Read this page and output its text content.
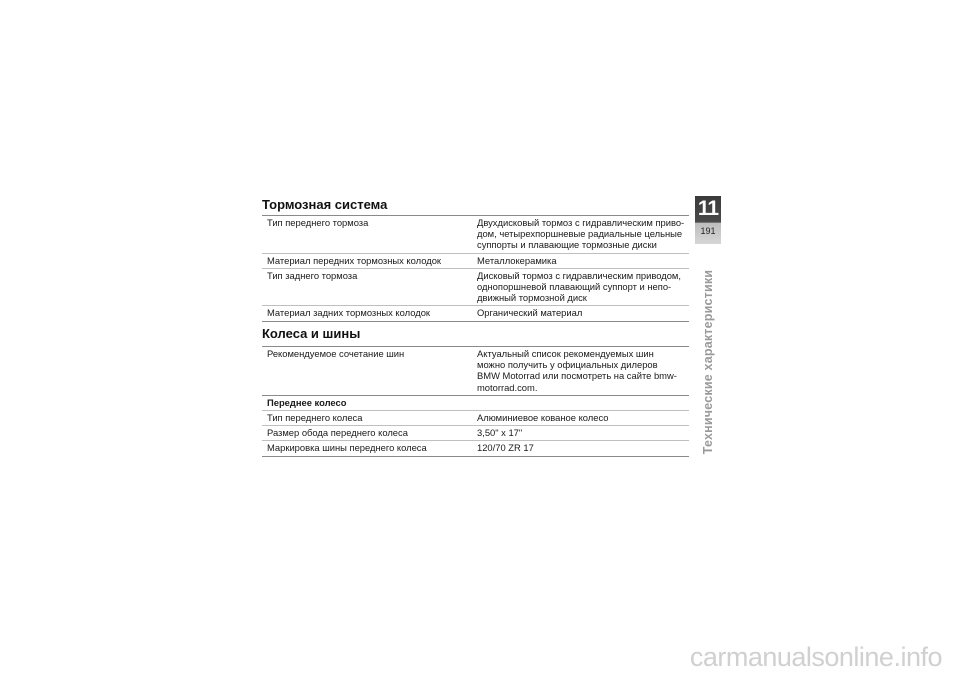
Тормозная система
Тип переднего тормоза	Двухдисковый тормоз с гидравлическим приво-
дом, четырехпоршневые радиальные цельные
суппорты и плавающие тормозные диски
Материал передних тормозных колодок	Металлокерамика
Тип заднего тормоза	Дисковый тормоз с гидравлическим приводом,
однопоршневой плавающий суппорт и непо-
движный тормозной диск
Материал задних тормозных колодок	Органический материал
Колеса и шины
Рекомендуемое сочетание шин	Актуальный список рекомендуемых шин
можно получить у официальных дилеров
BMW Motorrad или посмотреть на сайте bmw-
motorrad.com.
Переднее колесо
Тип переднего колеса	Алюминиевое кованое колесо
Размер обода переднего колеса	3,50" x 17"
Маркировка шины переднего колеса	120/70 ZR 17
11
191
Технические характеристики
carmanualsonline.info
